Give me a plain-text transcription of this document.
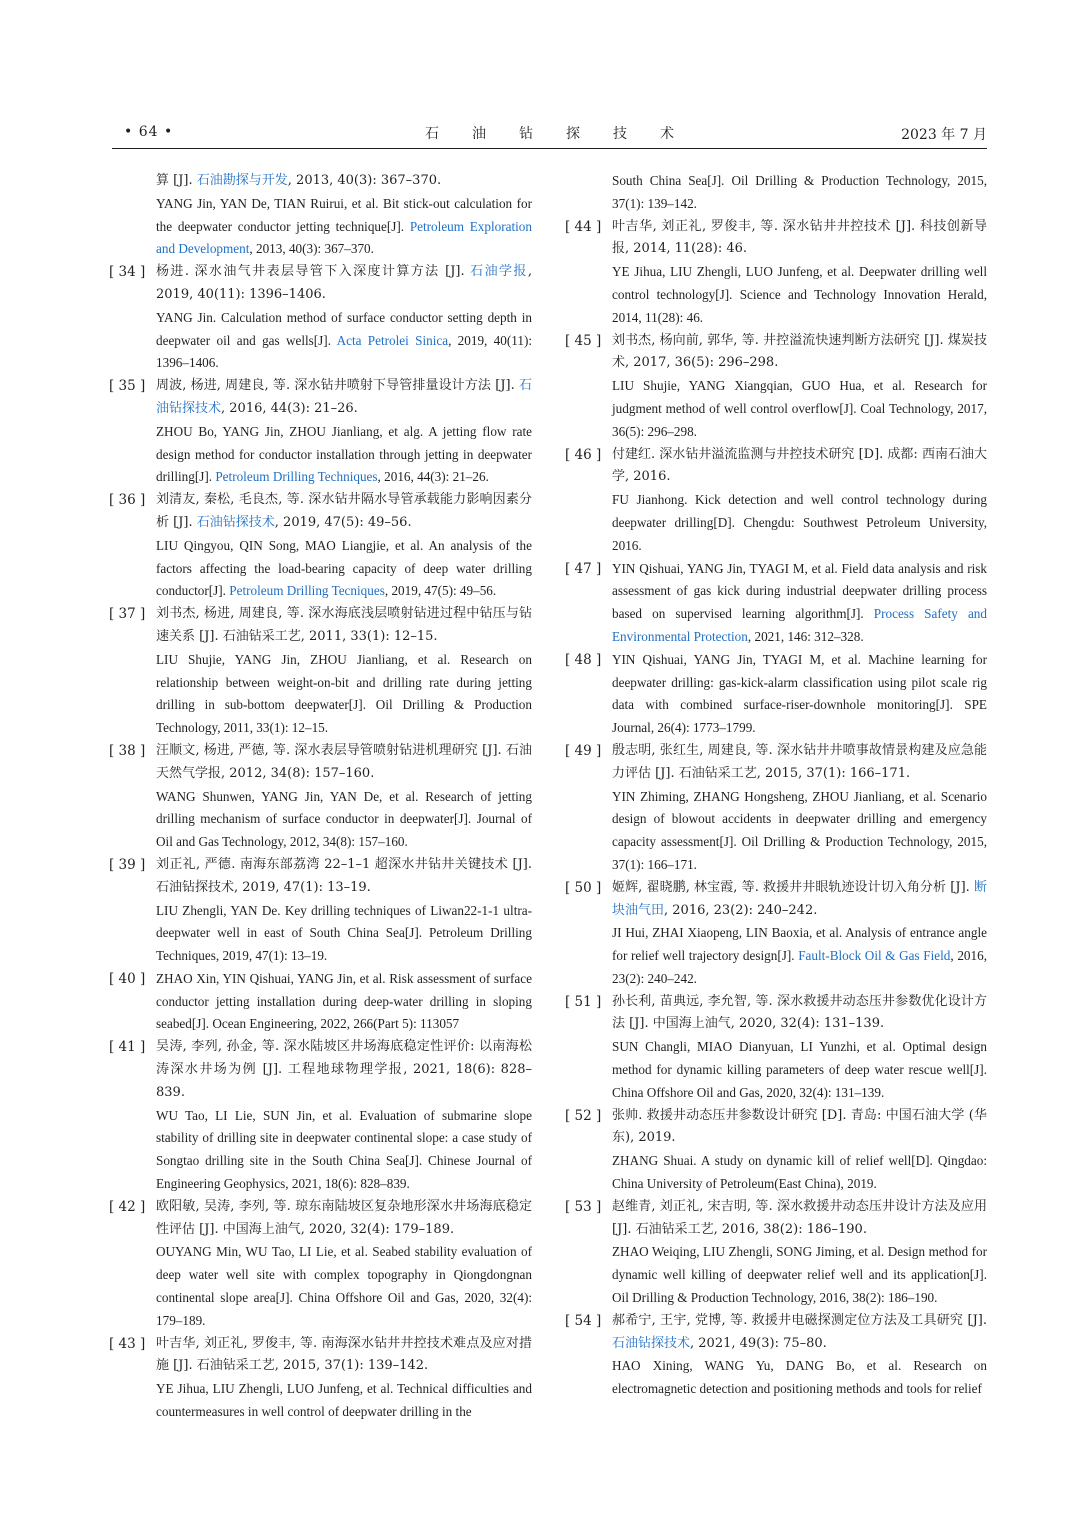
• 64 •	石油钻探技术	2023 年 7 月
算 [J]. 石油勘探与开发, 2013, 40(3): 367–370.
YANG Jin, YAN De, TIAN Ruirui, et al. Bit stick-out calculation for the deepwater conductor jetting technique[J]. Petroleum Exploration and Development, 2013, 40(3): 367–370.
[ 34 ] 杨进. 深水油气井表层导管下入深度计算方法 [J]. 石油学报, 2019, 40(11): 1396–1406.
YANG Jin. Calculation method of surface conductor setting depth in deepwater oil and gas wells[J]. Acta Petrolei Sinica, 2019, 40(11): 1396–1406.
[ 35 ] 周波, 杨进, 周建良, 等. 深水钻井喷射下导管排量设计方法 [J]. 石油钻探技术, 2016, 44(3): 21–26.
ZHOU Bo, YANG Jin, ZHOU Jianliang, et alg. A jetting flow rate design method for conductor installation through jetting in deepwater drilling[J]. Petroleum Drilling Techniques, 2016, 44(3): 21–26.
[ 36 ] 刘清友, 秦松, 毛良杰, 等. 深水钻井隔水导管承载能力影响因素分析 [J]. 石油钻探技术, 2019, 47(5): 49–56.
LIU Qingyou, QIN Song, MAO Liangjie, et al. An analysis of the factors affecting the load-bearing capacity of deep water drilling conductor[J]. Petroleum Drilling Tecniques, 2019, 47(5): 49–56.
[ 37 ] 刘书杰, 杨进, 周建良, 等. 深水海底浅层喷射钻进过程中钻压与钻速关系 [J]. 石油钻采工艺, 2011, 33(1): 12–15.
LIU Shujie, YANG Jin, ZHOU Jianliang, et al. Research on relationship between weight-on-bit and drilling rate during jetting drilling in sub-bottom deepwater[J]. Oil Drilling & Production Technology, 2011, 33(1): 12–15.
[ 38 ] 汪顺文, 杨进, 严德, 等. 深水表层导管喷射钻进机理研究 [J]. 石油天然气学报, 2012, 34(8): 157–160.
WANG Shunwen, YANG Jin, YAN De, et al. Research of jetting drilling mechanism of surface conductor in deepwater[J]. Journal of Oil and Gas Technology, 2012, 34(8): 157–160.
[ 39 ] 刘正礼, 严德. 南海东部荔湾 22–1–1 超深水井钻井关键技术 [J]. 石油钻探技术, 2019, 47(1): 13–19.
LIU Zhengli, YAN De. Key drilling techniques of Liwan22-1-1 ultra-deepwater well in east of South China Sea[J]. Petroleum Drilling Techniques, 2019, 47(1): 13–19.
[ 40 ] ZHAO Xin, YIN Qishuai, YANG Jin, et al. Risk assessment of surface conductor jetting installation during deep-water drilling in sloping seabed[J]. Ocean Engineering, 2022, 266(Part 5): 113057
[ 41 ] 吴涛, 李列, 孙金, 等. 深水陆坡区井场海底稳定性评价: 以南海松涛深水井场为例 [J]. 工程地球物理学报, 2021, 18(6): 828–839.
WU Tao, LI Lie, SUN Jin, et al. Evaluation of submarine slope stability of drilling site in deepwater continental slope: a case study of Songtao drilling site in the South China Sea[J]. Chinese Journal of Engineering Geophysics, 2021, 18(6): 828–839.
[ 42 ] 欧阳敏, 吴涛, 李列, 等. 琼东南陆坡区复杂地形深水井场海底稳定性评估 [J]. 中国海上油气, 2020, 32(4): 179–189.
OUYANG Min, WU Tao, LI Lie, et al. Seabed stability evaluation of deep water well site with complex topography in Qiongdongnan continental slope area[J]. China Offshore Oil and Gas, 2020, 32(4): 179–189.
[ 43 ] 叶吉华, 刘正礼, 罗俊丰, 等. 南海深水钻井井控技术难点及应对措施 [J]. 石油钻采工艺, 2015, 37(1): 139–142.
YE Jihua, LIU Zhengli, LUO Junfeng, et al. Technical difficulties and countermeasures in well control of deepwater drilling in the
South China Sea[J]. Oil Drilling & Production Technology, 2015, 37(1): 139–142.
[ 44 ] 叶吉华, 刘正礼, 罗俊丰, 等. 深水钻井井控技术 [J]. 科技创新导报, 2014, 11(28): 46.
YE Jihua, LIU Zhengli, LUO Junfeng, et al. Deepwater drilling well control technology[J]. Science and Technology Innovation Herald, 2014, 11(28): 46.
[ 45 ] 刘书杰, 杨向前, 郭华, 等. 井控溢流快速判断方法研究 [J]. 煤炭技术, 2017, 36(5): 296–298.
LIU Shujie, YANG Xiangqian, GUO Hua, et al. Research for judgment method of well control overflow[J]. Coal Technology, 2017, 36(5): 296–298.
[ 46 ] 付建红. 深水钻井溢流监测与井控技术研究 [D]. 成都: 西南石油大学, 2016.
FU Jianhong. Kick detection and well control technology during deepwater drilling[D]. Chengdu: Southwest Petroleum University, 2016.
[ 47 ] YIN Qishuai, YANG Jin, TYAGI M, et al. Field data analysis and risk assessment of gas kick during industrial deepwater drilling process based on supervised learning algorithm[J]. Process Safety and Environmental Protection, 2021, 146: 312–328.
[ 48 ] YIN Qishuai, YANG Jin, TYAGI M, et al. Machine learning for deepwater drilling: gas-kick-alarm classification using pilot scale rig data with combined surface-riser-downhole monitoring[J]. SPE Journal, 26(4): 1773–1799.
[ 49 ] 殷志明, 张红生, 周建良, 等. 深水钻井井喷事故情景构建及应急能力评估 [J]. 石油钻采工艺, 2015, 37(1): 166–171.
YIN Zhiming, ZHANG Hongsheng, ZHOU Jianliang, et al. Scenario design of blowout accidents in deepwater drilling and emergency capacity assessment[J]. Oil Drilling & Production Technology, 2015, 37(1): 166–171.
[ 50 ] 姬辉, 翟晓鹏, 林宝霞, 等. 救援井井眼轨迹设计切入角分析 [J]. 断块油气田, 2016, 23(2): 240–242.
JI Hui, ZHAI Xiaopeng, LIN Baoxia, et al. Analysis of entrance angle for relief well trajectory design[J]. Fault-Block Oil & Gas Field, 2016, 23(2): 240–242.
[ 51 ] 孙长利, 苗典远, 李允智, 等. 深水救援井动态压井参数优化设计方法 [J]. 中国海上油气, 2020, 32(4): 131–139.
SUN Changli, MIAO Dianyuan, LI Yunzhi, et al. Optimal design method for dynamic killing parameters of deep water rescue well[J]. China Offshore Oil and Gas, 2020, 32(4): 131–139.
[ 52 ] 张帅. 救援井动态压井参数设计研究 [D]. 青岛: 中国石油大学 (华东), 2019.
ZHANG Shuai. A study on dynamic kill of relief well[D]. Qingdao: China University of Petroleum(East China), 2019.
[ 53 ] 赵维青, 刘正礼, 宋吉明, 等. 深水救援井动态压井设计方法及应用 [J]. 石油钻采工艺, 2016, 38(2): 186–190.
ZHAO Weiqing, LIU Zhengli, SONG Jiming, et al. Design method for dynamic well killing of deepwater relief well and its application[J]. Oil Drilling & Production Technology, 2016, 38(2): 186–190.
[ 54 ] 郝希宁, 王宇, 党博, 等. 救援井电磁探测定位方法及工具研究 [J]. 石油钻探技术, 2021, 49(3): 75–80.
HAO Xining, WANG Yu, DANG Bo, et al. Research on electromagnetic detection and positioning methods and tools for relief
